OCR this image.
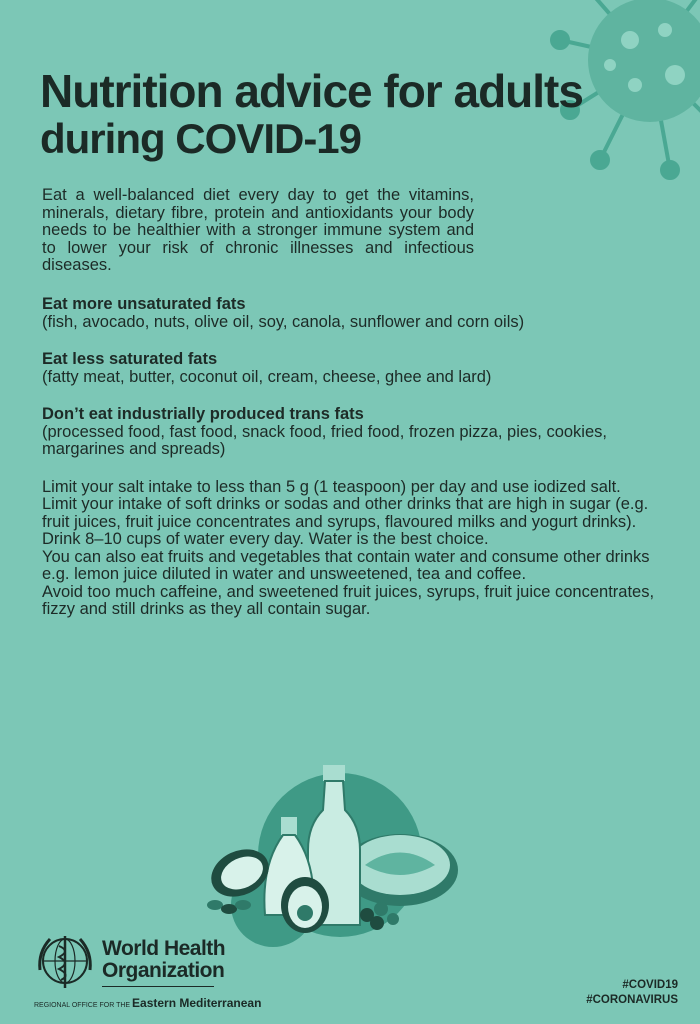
Nutrition advice for adults
during COVID-19

Eat a well-balanced diet every day to get the vitamins, minerals, dietary fibre, protein and antioxidants your body needs to be healthier with a stronger immune system and to lower your risk of chronic illnesses and infectious diseases.

Eat more unsaturated fats

(fish, avocado, nuts, olive oil, soy, canola, sunflower and corn oils)

Eat less saturated fats

(fatty meat, butter, coconut oil, cream, cheese, ghee and lard)

Don’t eat industrially produced trans fats

(processed food, fast food, snack food, fried food, frozen pizza, pies, cookies, margarines and spreads)

Limit your salt intake to less than 5 g (1 teaspoon) per day and use iodized salt.

Limit your intake of soft drinks or sodas and other drinks that are high in sugar (e.g. fruit juices, fruit juice concentrates and syrups, flavoured milks and yogurt drinks).

Drink 8–10 cups of water every day. Water is the best choice.

You can also eat fruits and vegetables that contain water and consume other drinks e.g. lemon juice diluted in water and unsweetened, tea and coffee.

Avoid too much caffeine, and sweetened fruit juices, syrups, fruit juice concentrates, fizzy and still drinks as they all contain sugar.

World Health
Organization
REGIONAL OFFICE FOR THE Eastern Mediterranean
#COVID19
#CORONAVIRUS
